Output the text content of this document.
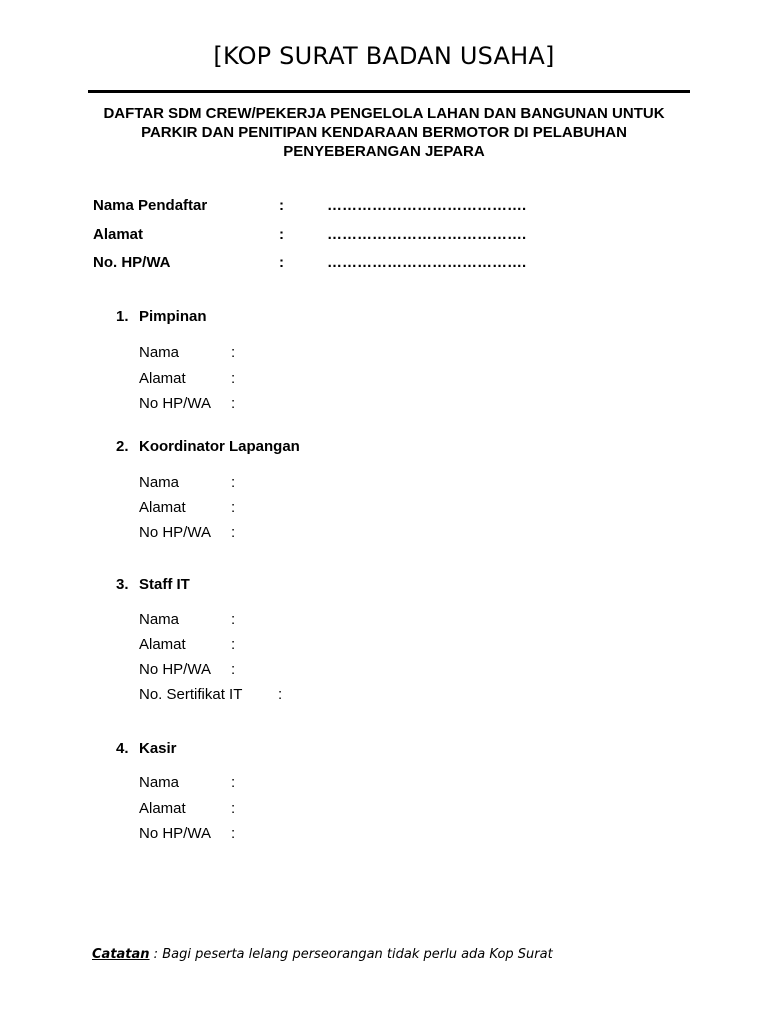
[KOP SURAT BADAN USAHA]
DAFTAR SDM CREW/PEKERJA PENGELOLA LAHAN DAN BANGUNAN UNTUK
PARKIR DAN PENITIPAN KENDARAAN BERMOTOR DI PELABUHAN
PENYEBERANGAN JEPARA
Nama Pendaftar	:	………………………………….
Alamat	:	………………………………….
No. HP/WA	:	………………………………….
1. Pimpinan
Nama	:
Alamat	:
No HP/WA :
2. Koordinator Lapangan
Nama	:
Alamat	:
No HP/WA :
3. Staff IT
Nama	:
Alamat	:
No HP/WA :
No. Sertifikat IT :
4. Kasir
Nama	:
Alamat	:
No HP/WA :
Catatan : Bagi peserta lelang perseorangan tidak perlu ada Kop Surat
